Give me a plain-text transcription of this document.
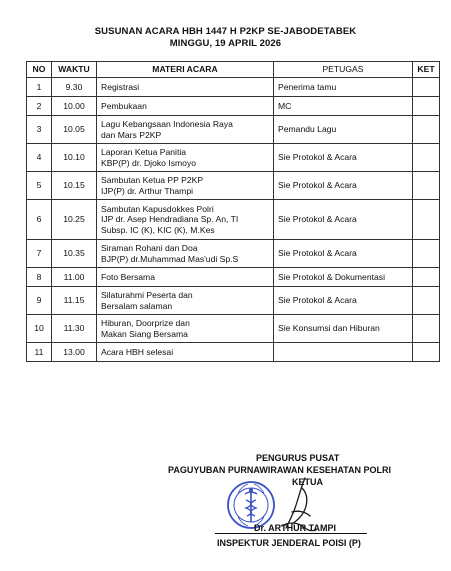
SUSUNAN ACARA HBH 1447 H P2KP SE-JABODETABEK
MINGGU, 19 APRIL 2026
NO	WAKTU	MATERI ACARA	PETUGAS	KET
1	9.30	Registrasi	Penerima tamu	
2	10.00	Pembukaan	MC	
3	10.05	Lagu Kebangsaan Indonesia Raya
dan Mars P2KP	Pemandu Lagu	
4	10.10	Laporan Ketua Panitia
KBP(P) dr. Djoko Ismoyo	Sie Protokol & Acara	
5	10.15	Sambutan Ketua PP P2KP
IJP(P) dr. Arthur Thampi	Sie Protokol & Acara	
6	10.25	Sambutan Kapusdokkes Polri
IJP dr. Asep Hendradiana Sp. An, TI
Subsp. IC (K), KIC (K), M.Kes	Sie Protokol & Acara	
7	10.35	Siraman Rohani dan Doa
BJP(P) dr.Muhammad Mas'udi Sp.S	Sie Protokol & Acara	
8	11.00	Foto Bersama	Sie Protokol & Dokumentasi	
9	11.15	Silaturahmi Peserta dan
Bersalam salaman	Sie Protokol & Acara	
10	11.30	Hiburan, Doorprize dan
Makan Siang Bersama	Sie Konsumsi dan Hiburan	
11	13.00	Acara HBH selesai		

PENGURUS PUSAT
PAGUYUBAN PURNAWIRAWAN KESEHATAN POLRI
KETUA
Dr. ARTHUR TAMPI
INSPEKTUR JENDERAL POISI (P)
